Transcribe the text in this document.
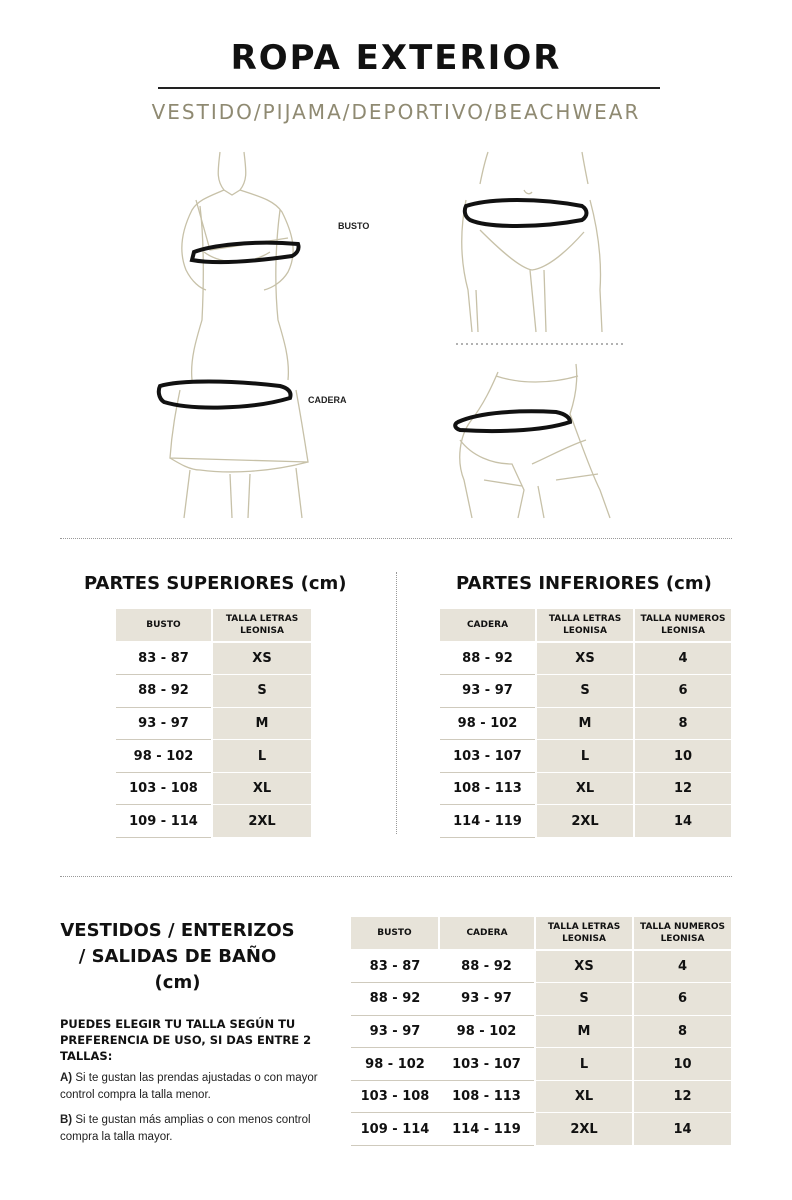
ROPA EXTERIOR
VESTIDO/PIJAMA/DEPORTIVO/BEACHWEAR
BUSTO
CADERA
PARTES SUPERIORES (cm)
BUSTO	TALLA LETRAS LEONISA
83 - 87	XS
88 - 92	S
93 - 97	M
98 - 102	L
103 - 108	XL
109 - 114	2XL
PARTES INFERIORES (cm)
CADERA	TALLA LETRAS LEONISA	TALLA NUMEROS LEONISA
88 - 92	XS	4
93 - 97	S	6
98 - 102	M	8
103 - 107	L	10
108 - 113	XL	12
114 - 119	2XL	14
VESTIDOS / ENTERIZOS
/ SALIDAS DE BAÑO
(cm)
PUEDES ELEGIR TU TALLA SEGÚN TU PREFERENCIA DE USO, SI DAS ENTRE 2 TALLAS:
A) Si te gustan las prendas ajustadas o con mayor control compra la talla menor.
B) Si te gustan más amplias o con menos control compra la talla mayor.
BUSTO	CADERA	TALLA LETRAS LEONISA	TALLA NUMEROS LEONISA
83 - 87	88 - 92	XS	4
88 - 92	93 - 97	S	6
93 - 97	98 - 102	M	8
98 - 102	103 - 107	L	10
103 - 108	108 - 113	XL	12
109 - 114	114 - 119	2XL	14
